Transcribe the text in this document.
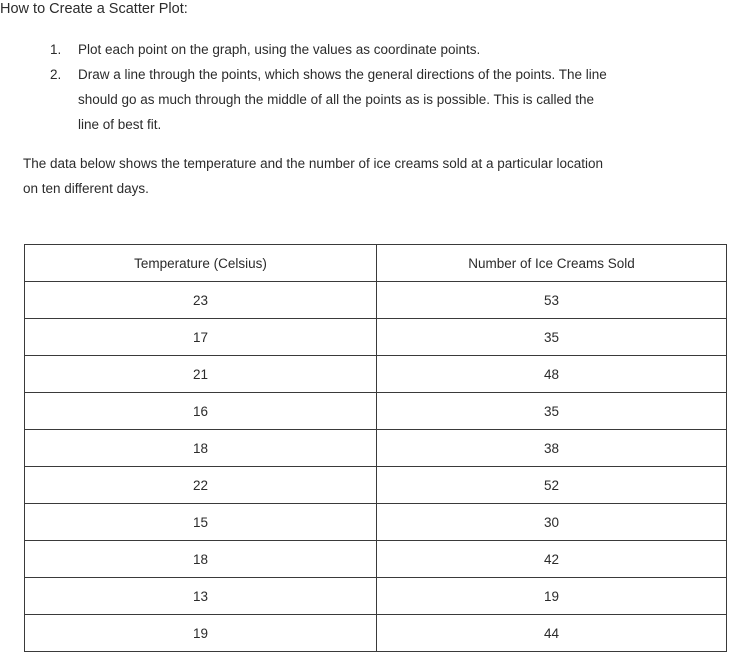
How to Create a Scatter Plot:
1. Plot each point on the graph, using the values as coordinate points.
2. Draw a line through the points, which shows the general directions of the points. The line
should go as much through the middle of all the points as is possible. This is called the
line of best fit.
The data below shows the temperature and the number of ice creams sold at a particular location
on ten different days.
Temperature (Celsius)	Number of Ice Creams Sold
23	53
17	35
21	48
16	35
18	38
22	52
15	30
18	42
13	19
19	44
